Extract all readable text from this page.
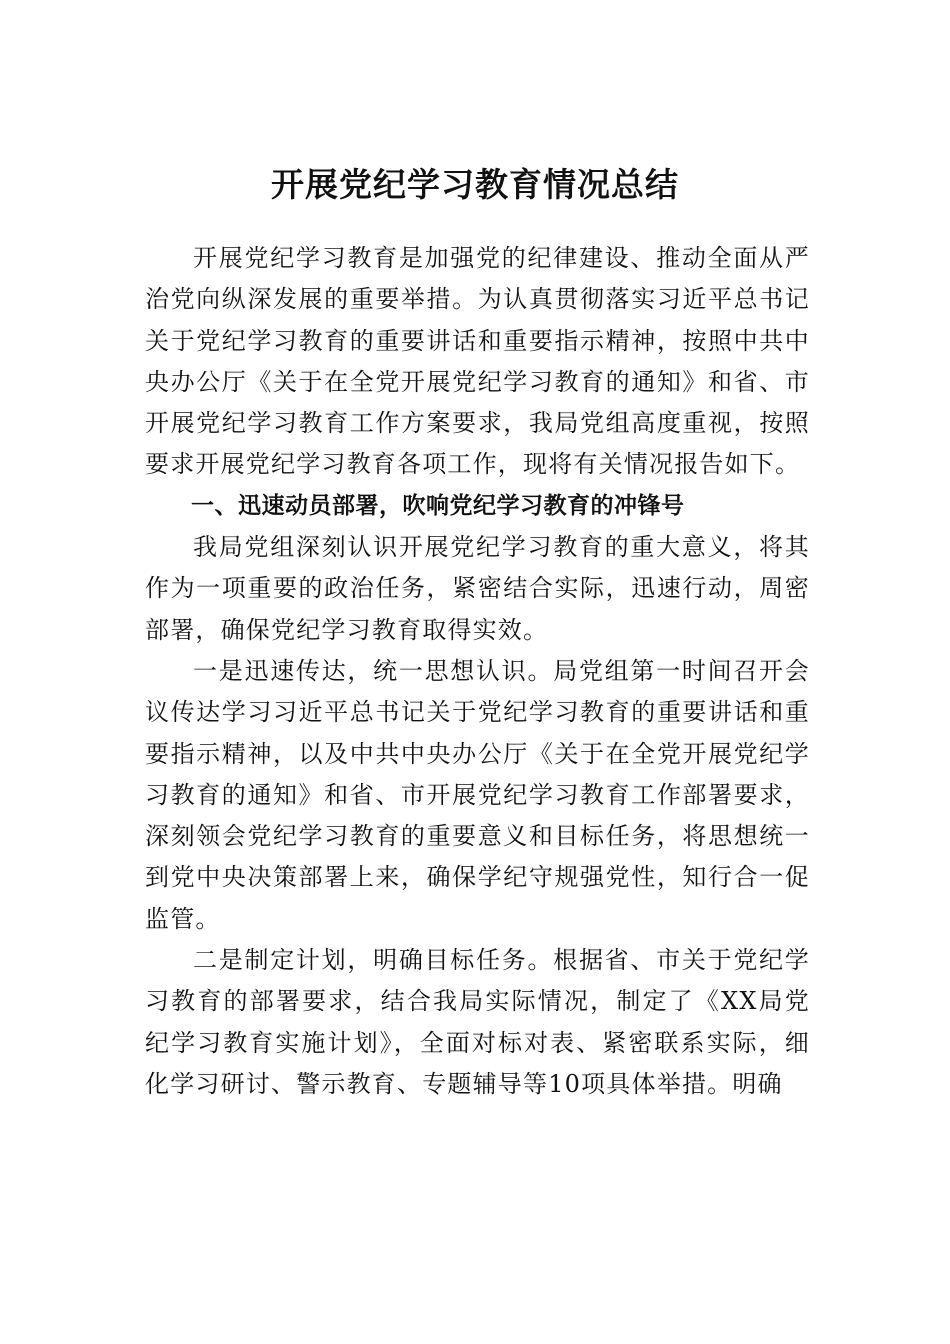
开展党纪学习教育情况总结

开展党纪学习教育是加强党的纪律建设、推动全面从严治党向纵深发展的重要举措。为认真贯彻落实习近平总书记关于党纪学习教育的重要讲话和重要指示精神，按照中共中央办公厅《关于在全党开展党纪学习教育的通知》和省、市开展党纪学习教育工作方案要求，我局党组高度重视，按照要求开展党纪学习教育各项工作，现将有关情况报告如下。

一、迅速动员部署，吹响党纪学习教育的冲锋号

我局党组深刻认识开展党纪学习教育的重大意义，将其作为一项重要的政治任务，紧密结合实际，迅速行动，周密部署，确保党纪学习教育取得实效。

一是迅速传达，统一思想认识。局党组第一时间召开会议传达学习习近平总书记关于党纪学习教育的重要讲话和重要指示精神，以及中共中央办公厅《关于在全党开展党纪学习教育的通知》和省、市开展党纪学习教育工作部署要求，深刻领会党纪学习教育的重要意义和目标任务，将思想统一到党中央决策部署上来，确保学纪守规强党性，知行合一促监管。

二是制定计划，明确目标任务。根据省、市关于党纪学习教育的部署要求，结合我局实际情况，制定了《XX局党纪学习教育实施计划》，全面对标对表、紧密联系实际，细化学习研讨、警示教育、专题辅导等10项具体举措。明确
